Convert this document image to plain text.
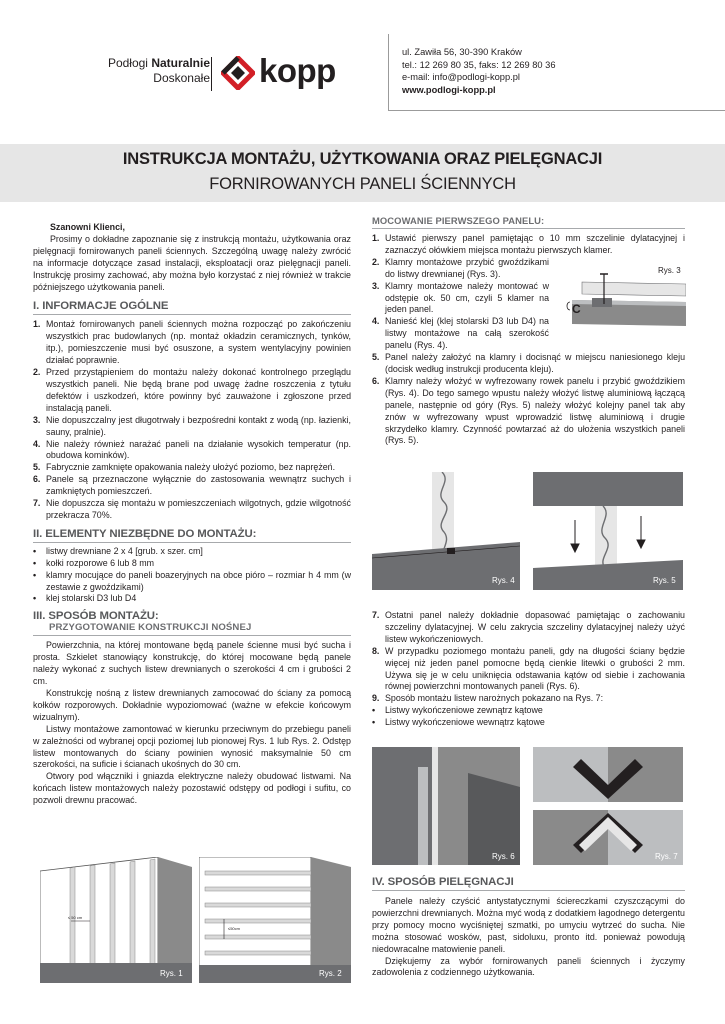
Podłogi Naturalnie
Doskonałe kopp	ul. Zawiła 56, 30-390 Kraków
tel.: 12 269 80 35, faks: 12 269 80 36
e-mail: info@podlogi-kopp.pl
www.podlogi-kopp.pl
INSTRUKCJA MONTAŻU, UŻYTKOWANIA ORAZ PIELĘGNACJI
FORNIROWANYCH PANELI ŚCIENNYCH
Szanowni Klienci,
Prosimy o dokładne zapoznanie się z instrukcją montażu, użytkowania oraz pielęgnacji fornirowanych paneli ściennych. Szczególną uwagę należy zwrócić na informacje dotyczące zasad instalacji, eksploatacji oraz pielęgnacji paneli. Instrukcję prosimy zachować, aby można było korzystać z niej również w trakcie późniejszego użytkowania paneli.
I. INFORMACJE OGÓLNE
1. Montaż fornirowanych paneli ściennych można rozpocząć po zakończeniu wszystkich prac budowlanych (np. montaż okładzin ceramicznych, tynków, itp.), pomieszczenie musi być osuszone, a system wentylacyjny powinien działać poprawnie.
2. Przed przystąpieniem do montażu należy dokonać kontrolnego przeglądu wszystkich paneli. Nie będą brane pod uwagę żadne roszczenia z tytułu defektów i uszkodzeń, które powinny być zauważone i zgłoszone przed instalacją paneli.
3. Nie dopuszczalny jest długotrwały i bezpośredni kontakt z wodą (np. łazienki, sauny, pralnie).
4. Nie należy również narażać paneli na działanie wysokich temperatur (np. obudowa kominków).
5. Fabrycznie zamknięte opakowania należy ułożyć poziomo, bez naprężeń.
6. Panele są przeznaczone wyłącznie do zastosowania wewnątrz suchych i zamkniętych pomieszczeń.
7. Nie dopuszcza się montażu w pomieszczeniach wilgotnych, gdzie wilgotność przekracza 70%.
II. ELEMENTY NIEZBĘDNE DO MONTAŻU:
• listwy drewniane 2 x 4 [grub. x szer. cm]
• kołki rozporowe 6 lub 8 mm
• klamry mocujące do paneli boazeryjnych na obce pióro – rozmiar h 4 mm (w zestawie z gwoździkami)
• klej stolarski D3 lub D4
III. SPOSÓB MONTAŻU:
PRZYGOTOWANIE KONSTRUKCJI NOŚNEJ
Powierzchnia, na której montowane będą panele ścienne musi być sucha i prosta. Szkielet stanowiący konstrukcję, do której mocowane będą panele należy wykonać z suchych listew drewnianych o szerokości 4 cm i grubości 2 cm.
Konstrukcję nośną z listew drewnianych zamocować do ściany za pomocą kołków rozporowych. Dokładnie wypoziomować (ważne w efekcie końcowym wizualnym).
Listwy montażowe zamontować w kierunku przeciwnym do przebiegu paneli w zależności od wybranej opcji poziomej lub pionowej Rys. 1 lub Rys. 2. Odstęp listew montowanych do ściany powinien wynosić maksymalnie 50 cm szerokości, na suficie i ścianach ukośnych do 30 cm.
Otwory pod włączniki i gniazda elektryczne należy obudować listwami. Na końcach listew montażowych należy pozostawić odstępy od podłogi i sufitu, co pozwoli drewnu pracować.
≤ 50 cm
Rys. 1
≤50cm
Rys. 2
MOCOWANIE PIERWSZEGO PANELU:
1. Ustawić pierwszy panel pamiętając o 10 mm szczelinie dylatacyjnej i zaznaczyć ołówkiem miejsca montażu pierwszych klamer.
2. Klamry montażowe przybić gwoździkami do listwy drewnianej (Rys. 3).
3. Klamry montażowe należy montować w odstępie ok. 50 cm, czyli 5 klamer na jeden panel.
4. Nanieść klej (klej stolarski D3 lub D4) na listwy montażowe na całą szerokość panelu (Rys. 4).
5. Panel należy założyć na klamry i docisnąć w miejscu naniesionego kleju (docisk według instrukcji producenta kleju).
6. Klamry należy włożyć w wyfrezowany rowek panelu i przybić gwoździkiem (Rys. 4). Do tego samego wpustu należy włożyć listwę aluminiową łączącą panele, następnie od góry (Rys. 5) należy włożyć kolejny panel tak aby znów w wyfrezowany wpust wprowadzić listwę aluminiową i drugie skrzydełko klamry. Czynność powtarzać aż do ułożenia wszystkich paneli (Rys. 5).
Rys. 3
C
Rys. 4	Rys. 5
7. Ostatni panel należy dokładnie dopasować pamiętając o zachowaniu szczeliny dylatacyjnej. W celu zakrycia szczeliny dylatacyjnej należy użyć listew wykończeniowych.
8. W przypadku poziomego montażu paneli, gdy na długości ściany będzie więcej niż jeden panel pomocne będą cienkie litewki o grubości 2 mm. Używa się je w celu uniknięcia odstawania kątów od siebie i zachowania równej powierzchni montowanych paneli (Rys. 6).
9. Sposób montażu listew narożnych pokazano na Rys. 7:
• Listwy wykończeniowe zewnątrz kątowe
• Listwy wykończeniowe wewnątrz kątowe
Rys. 6	Rys. 7
IV. SPOSÓB PIELĘGNACJI
Panele należy czyścić antystatycznymi ściereczkami czyszczącymi do powierzchni drewnianych. Można myć wodą z dodatkiem łagodnego detergentu przy pomocy mocno wyciśniętej szmatki, po umyciu wytrzeć do sucha. Nie można stosować wosków, past, sidoluxu, pronto itd. ponieważ powodują niedowracalne matowienie paneli.
Dziękujemy za wybór fornirowanych paneli ściennych i życzymy zadowolenia z codziennego użytkowania.
